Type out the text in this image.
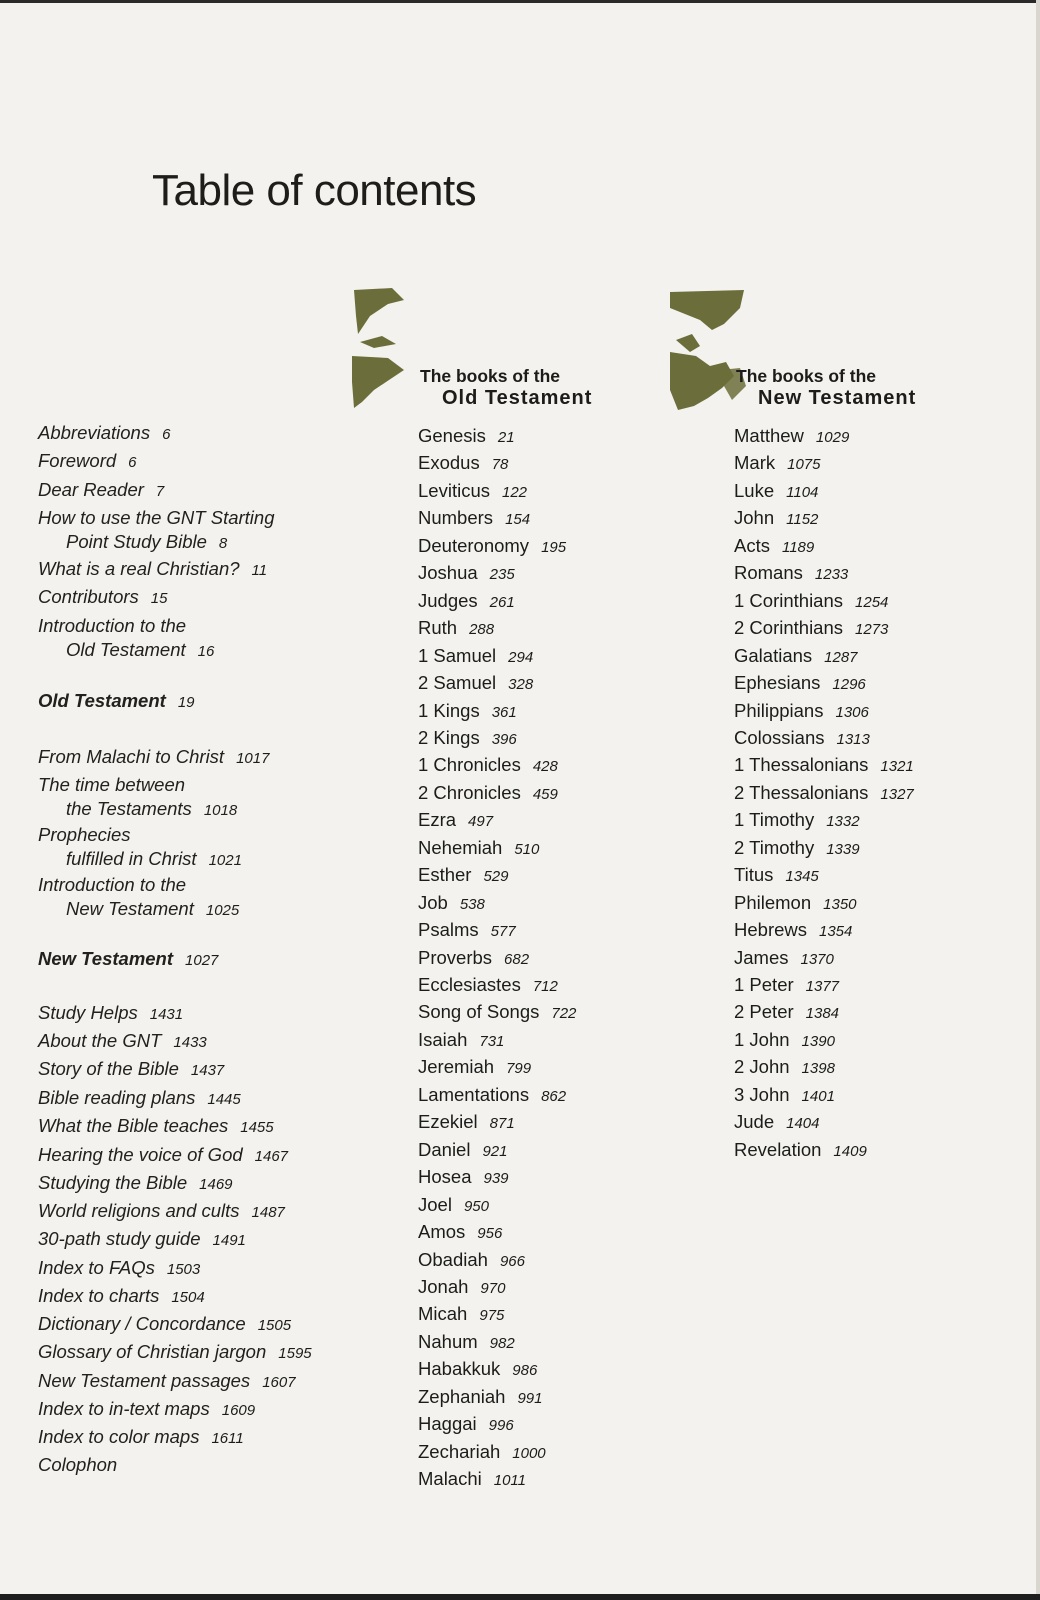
Table of contents
The books of the
Old Testament
The books of the
New Testament
Abbreviations 6
Foreword 6
Dear Reader 7
How to use the GNT Starting
Point Study Bible 8
What is a real Christian? 11
Contributors 15
Introduction to the
Old Testament 16
Old Testament 19
From Malachi to Christ 1017
The time between
the Testaments 1018
Prophecies
fulfilled in Christ 1021
Introduction to the
New Testament 1025
New Testament 1027
Study Helps 1431
About the GNT 1433
Story of the Bible 1437
Bible reading plans 1445
What the Bible teaches 1455
Hearing the voice of God 1467
Studying the Bible 1469
World religions and cults 1487
30-path study guide 1491
Index to FAQs 1503
Index to charts 1504
Dictionary / Concordance 1505
Glossary of Christian jargon 1595
New Testament passages 1607
Index to in-text maps 1609
Index to color maps 1611
Colophon
Genesis 21
Exodus 78
Leviticus 122
Numbers 154
Deuteronomy 195
Joshua 235
Judges 261
Ruth 288
1 Samuel 294
2 Samuel 328
1 Kings 361
2 Kings 396
1 Chronicles 428
2 Chronicles 459
Ezra 497
Nehemiah 510
Esther 529
Job 538
Psalms 577
Proverbs 682
Ecclesiastes 712
Song of Songs 722
Isaiah 731
Jeremiah 799
Lamentations 862
Ezekiel 871
Daniel 921
Hosea 939
Joel 950
Amos 956
Obadiah 966
Jonah 970
Micah 975
Nahum 982
Habakkuk 986
Zephaniah 991
Haggai 996
Zechariah 1000
Malachi 1011
Matthew 1029
Mark 1075
Luke 1104
John 1152
Acts 1189
Romans 1233
1 Corinthians 1254
2 Corinthians 1273
Galatians 1287
Ephesians 1296
Philippians 1306
Colossians 1313
1 Thessalonians 1321
2 Thessalonians 1327
1 Timothy 1332
2 Timothy 1339
Titus 1345
Philemon 1350
Hebrews 1354
James 1370
1 Peter 1377
2 Peter 1384
1 John 1390
2 John 1398
3 John 1401
Jude 1404
Revelation 1409
